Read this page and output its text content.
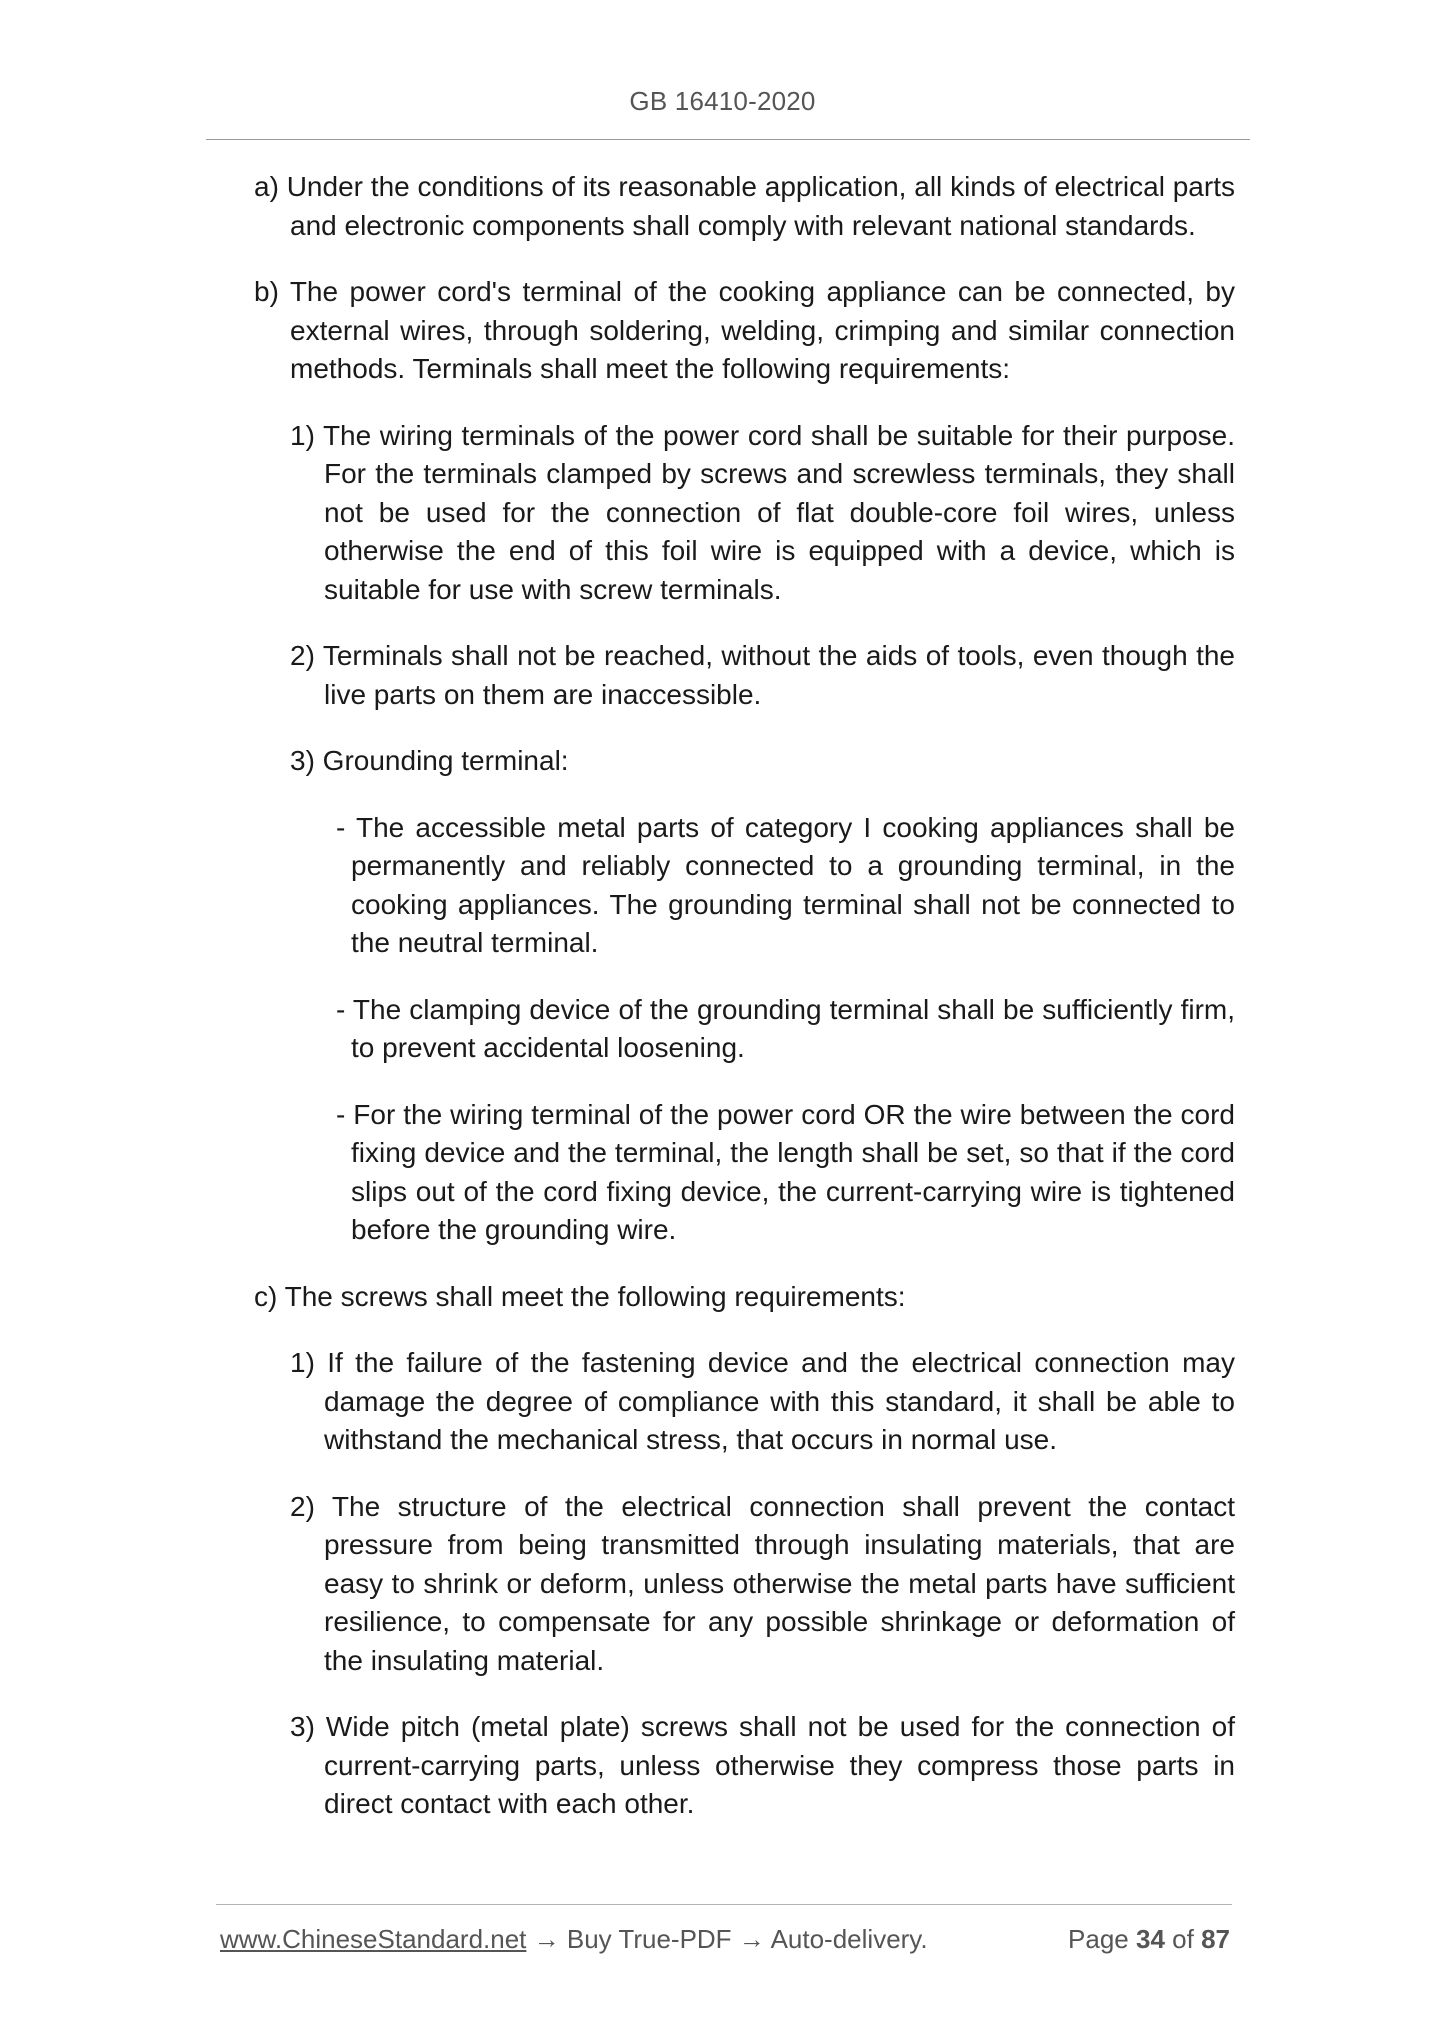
GB 16410-2020

a) Under the conditions of its reasonable application, all kinds of electrical parts and electronic components shall comply with relevant national standards.

b) The power cord's terminal of the cooking appliance can be connected, by external wires, through soldering, welding, crimping and similar connection methods. Terminals shall meet the following requirements:

1) The wiring terminals of the power cord shall be suitable for their purpose. For the terminals clamped by screws and screwless terminals, they shall not be used for the connection of flat double-core foil wires, unless otherwise the end of this foil wire is equipped with a device, which is suitable for use with screw terminals.

2) Terminals shall not be reached, without the aids of tools, even though the live parts on them are inaccessible.

3) Grounding terminal:

- The accessible metal parts of category I cooking appliances shall be permanently and reliably connected to a grounding terminal, in the cooking appliances. The grounding terminal shall not be connected to the neutral terminal.

- The clamping device of the grounding terminal shall be sufficiently firm, to prevent accidental loosening.

- For the wiring terminal of the power cord OR the wire between the cord fixing device and the terminal, the length shall be set, so that if the cord slips out of the cord fixing device, the current-carrying wire is tightened before the grounding wire.

c) The screws shall meet the following requirements:

1) If the failure of the fastening device and the electrical connection may damage the degree of compliance with this standard, it shall be able to withstand the mechanical stress, that occurs in normal use.

2) The structure of the electrical connection shall prevent the contact pressure from being transmitted through insulating materials, that are easy to shrink or deform, unless otherwise the metal parts have sufficient resilience, to compensate for any possible shrinkage or deformation of the insulating material.

3) Wide pitch (metal plate) screws shall not be used for the connection of current-carrying parts, unless otherwise they compress those parts in direct contact with each other.

www.ChineseStandard.net → Buy True-PDF → Auto-delivery.	Page 34 of 87
